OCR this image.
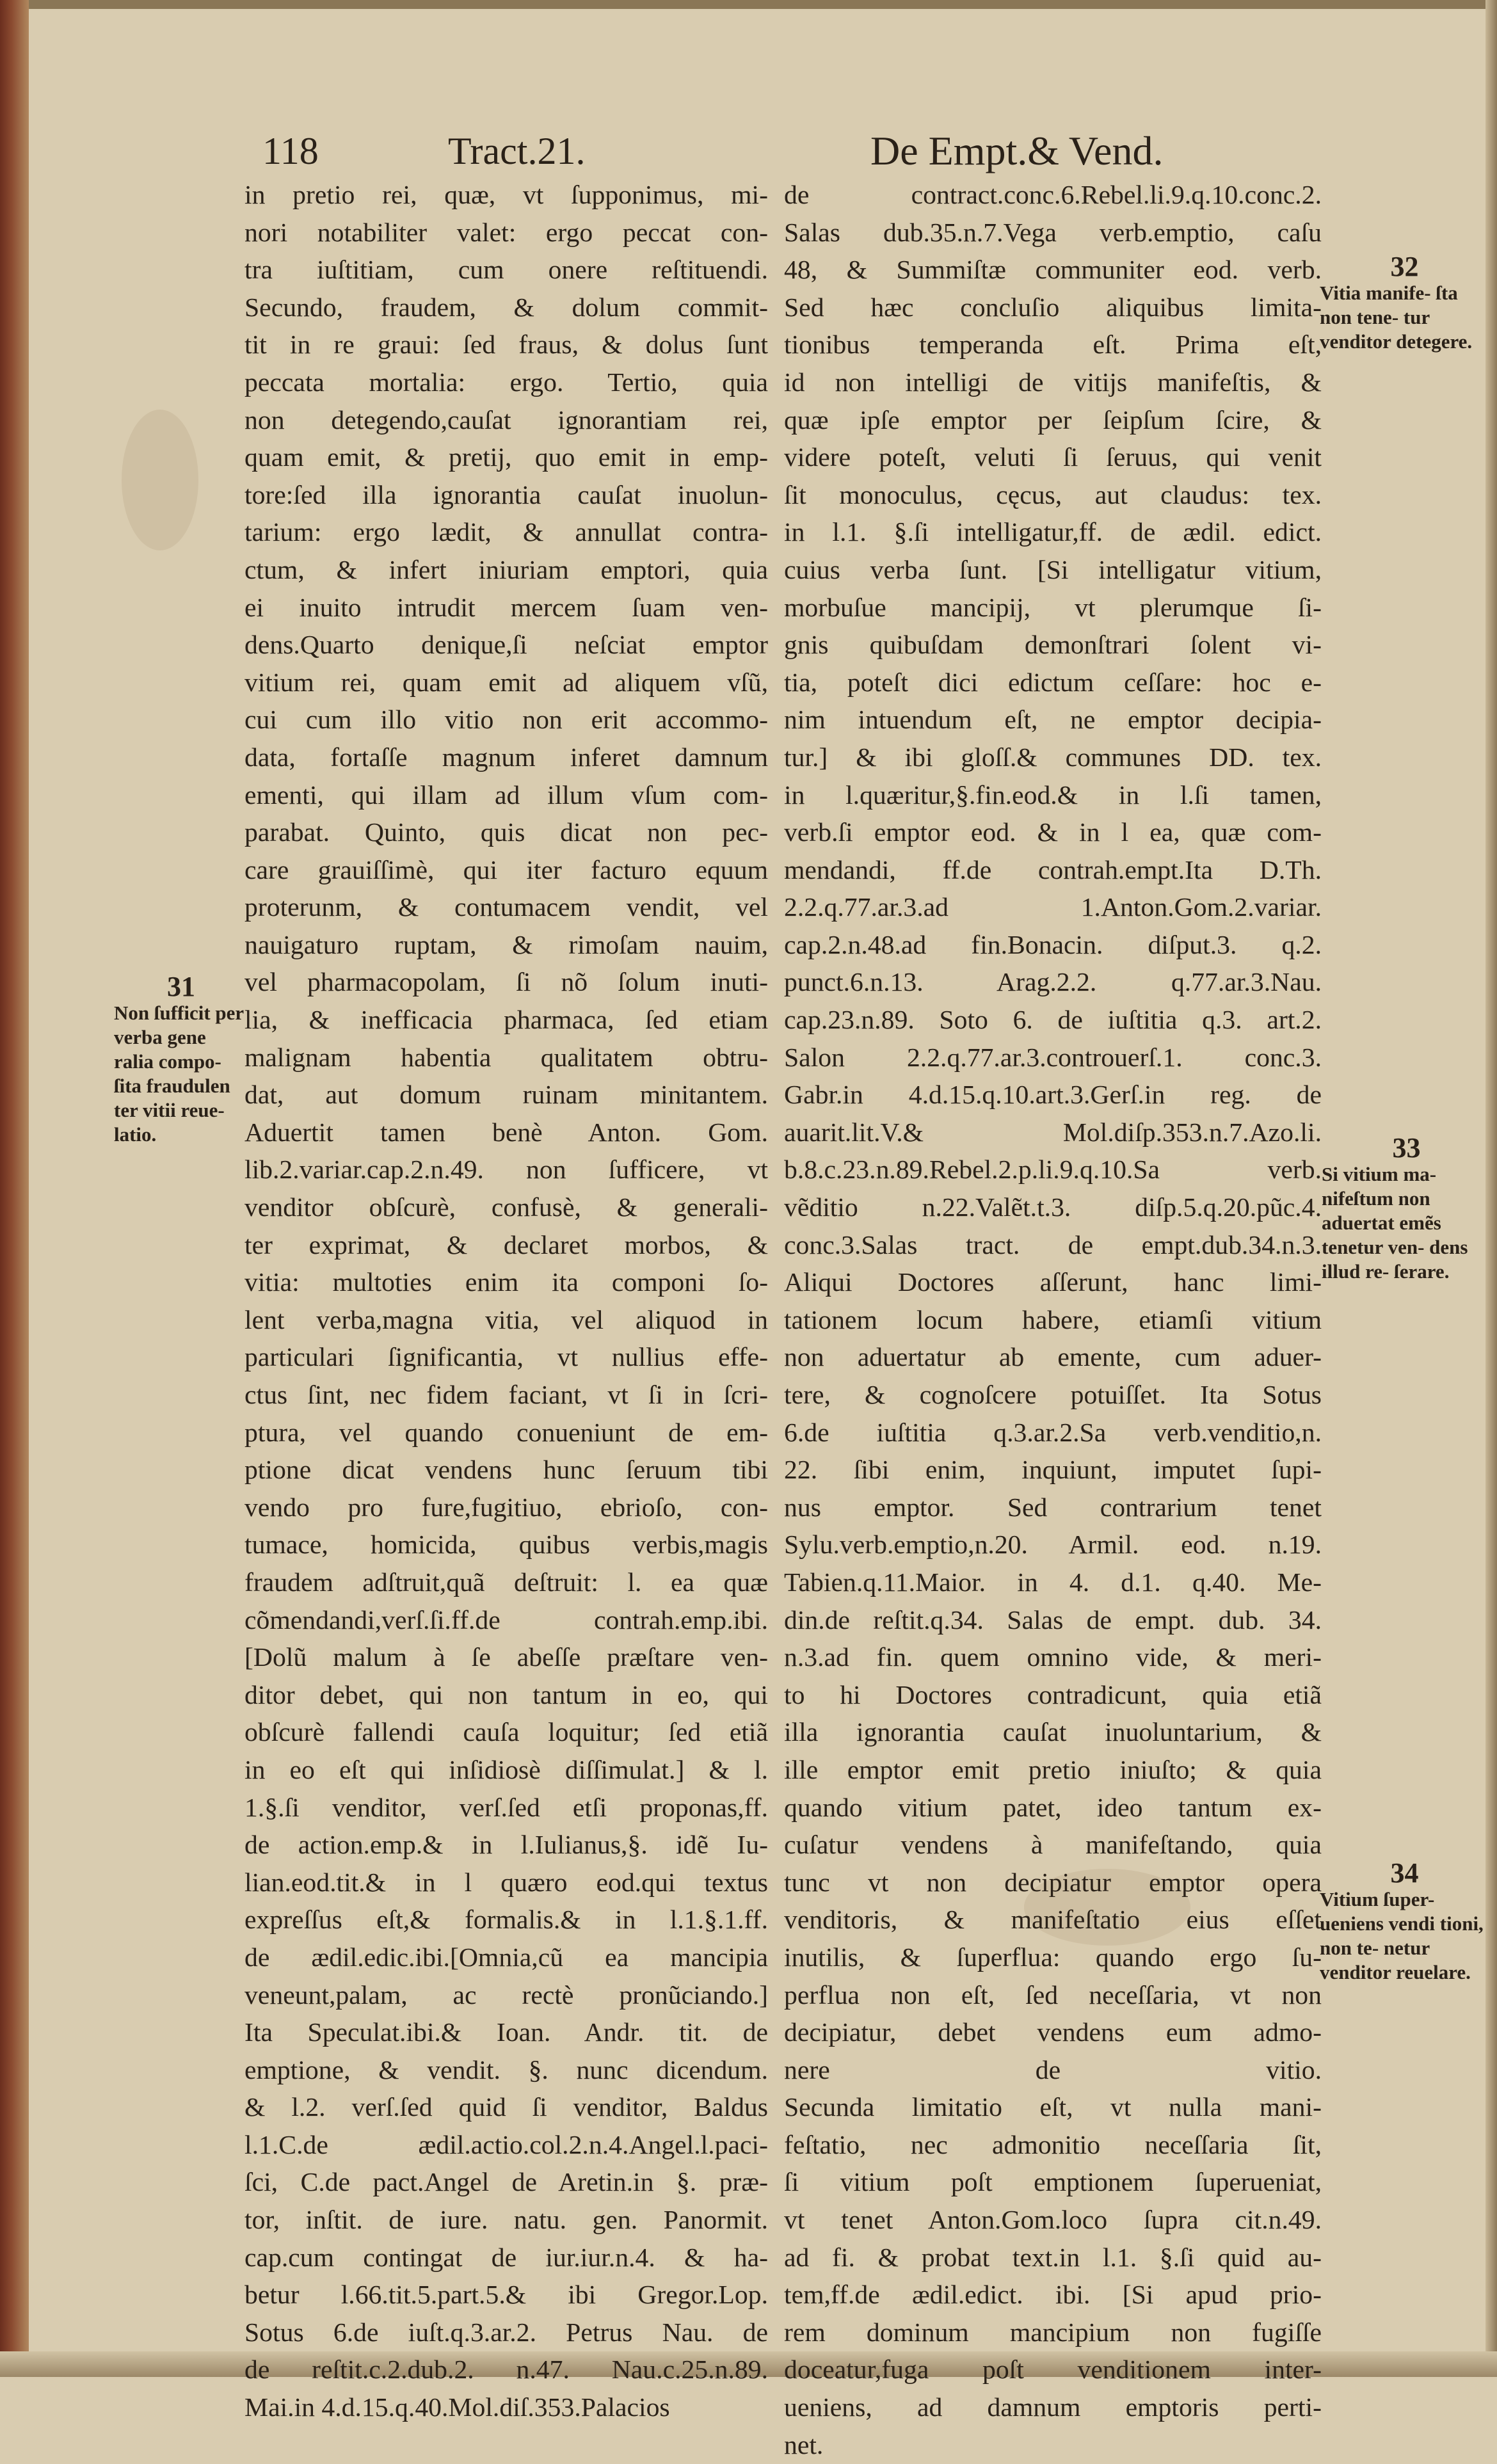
118	Tract.21.	De Empt.& Vend.
in pretio rei, quæ, vt ſupponimus, mi-
nori notabiliter valet: ergo peccat con-
tra iuſtitiam, cum onere reſtituendi.
Secundo, fraudem, & dolum commit-
tit in re graui: ſed fraus, & dolus ſunt
peccata mortalia: ergo. Tertio, quia
non detegendo,cauſat ignorantiam rei,
quam emit, & pretij, quo emit in emp-
tore:ſed illa ignorantia cauſat inuolun-
tarium: ergo lædit, & annullat contra-
ctum, & infert iniuriam emptori, quia
ei inuito intrudit mercem ſuam ven-
dens.Quarto denique,ſi neſciat emptor
vitium rei, quam emit ad aliquem vſũ,
cui cum illo vitio non erit accommo-
data, fortaſſe magnum inferet damnum
ementi, qui illam ad illum vſum com-
parabat. Quinto, quis dicat non pec-
care grauiſſimè, qui iter facturo equum
proterunm, & contumacem vendit, vel
nauigaturo ruptam, & rimoſam nauim,
vel pharmacopolam, ſi nõ ſolum inuti-
lia, & inefficacia pharmaca, ſed etiam
malignam habentia qualitatem obtru-
dat, aut domum ruinam minitantem.
Aduertit tamen benè Anton. Gom.
lib.2.variar.cap.2.n.49. non ſufficere, vt
venditor obſcurè, confusè, & generali-
ter exprimat, & declaret morbos, &
vitia: multoties enim ita componi ſo-
lent verba,magna vitia, vel aliquod in
particulari ſignificantia, vt nullius effe-
ctus ſint, nec fidem faciant, vt ſi in ſcri-
ptura, vel quando conueniunt de em-
ptione dicat vendens hunc ſeruum tibi
vendo pro fure,fugitiuo, ebrioſo, con-
tumace, homicida, quibus verbis,magis
fraudem adſtruit,quã deſtruit: l. ea quæ
cõmendandi,verſ.ſi.ff.de contrah.emp.ibi.
[Dolũ malum à ſe abeſſe præſtare ven-
ditor debet, qui non tantum in eo, qui
obſcurè fallendi cauſa loquitur; ſed etiã
in eo eſt qui inſidiosè diſſimulat.] & l.
1.§.ſi venditor, verſ.ſed etſi proponas,ff.
de action.emp.& in l.Iulianus,§. idẽ Iu-
lian.eod.tit.& in l quæro eod.qui textus
expreſſus eſt,& formalis.& in l.1.§.1.ff.
de ædil.edic.ibi.[Omnia,cũ ea mancipia
veneunt,palam, ac rectè pronũciando.]
Ita Speculat.ibi.& Ioan. Andr. tit. de
emptione, & vendit. §. nunc dicendum.
& l.2. verſ.ſed quid ſi venditor, Baldus
l.1.C.de ædil.actio.col.2.n.4.Angel.l.paci-
ſci, C.de pact.Angel de Aretin.in §. præ-
tor, inſtit. de iure. natu. gen. Panormit.
cap.cum contingat de iur.iur.n.4. & ha-
betur l.66.tit.5.part.5.& ibi Gregor.Lop.
Sotus 6.de iuſt.q.3.ar.2. Petrus Nau. de
de reſtit.c.2.dub.2. n.47. Nau.c.25.n.89.
Mai.in 4.d.15.q.40.Mol.diſ.353.Palacios
de contract.conc.6.Rebel.li.9.q.10.conc.2.
Salas dub.35.n.7.Vega verb.emptio, caſu
48, & Summiſtæ communiter eod. verb.
Sed hæc concluſio aliquibus limita-
tionibus temperanda eſt. Prima eſt,
id non intelligi de vitijs manifeſtis, &
quæ ipſe emptor per ſeipſum ſcire, &
videre poteſt, veluti ſi ſeruus, qui venit
ſit monoculus, cęcus, aut claudus: tex.
in l.1. §.ſi intelligatur,ff. de ædil. edict.
cuius verba ſunt. [Si intelligatur vitium,
morbuſue mancipij, vt plerumque ſi-
gnis quibuſdam demonſtrari ſolent vi-
tia, poteſt dici edictum ceſſare: hoc e-
nim intuendum eſt, ne emptor decipia-
tur.] & ibi gloſſ.& communes DD. tex.
in l.quæritur,§.fin.eod.& in l.ſi tamen,
verb.ſi emptor eod. & in l ea, quæ com-
mendandi, ff.de contrah.empt.Ita D.Th.
2.2.q.77.ar.3.ad 1.Anton.Gom.2.variar.
cap.2.n.48.ad fin.Bonacin. diſput.3. q.2.
punct.6.n.13. Arag.2.2. q.77.ar.3.Nau.
cap.23.n.89. Soto 6. de iuſtitia q.3. art.2.
Salon 2.2.q.77.ar.3.controuerſ.1. conc.3.
Gabr.in 4.d.15.q.10.art.3.Gerſ.in reg. de
auarit.lit.V.& Mol.diſp.353.n.7.Azo.li.
b.8.c.23.n.89.Rebel.2.p.li.9.q.10.Sa verb.
vẽditio n.22.Valẽt.t.3. diſp.5.q.20.pũc.4.
conc.3.Salas tract. de empt.dub.34.n.3.
Aliqui Doctores aſſerunt, hanc limi-
tationem locum habere, etiamſi vitium
non aduertatur ab emente, cum aduer-
tere, & cognoſcere potuiſſet. Ita Sotus
6.de iuſtitia q.3.ar.2.Sa verb.venditio,n.
22. ſibi enim, inquiunt, imputet ſupi-
nus emptor. Sed contrarium tenet
Sylu.verb.emptio,n.20. Armil. eod. n.19.
Tabien.q.11.Maior. in 4. d.1. q.40. Me-
din.de reſtit.q.34. Salas de empt. dub. 34.
n.3.ad fin. quem omnino vide, & meri-
to hi Doctores contradicunt, quia etiã
illa ignorantia cauſat inuoluntarium, &
ille emptor emit pretio iniuſto; & quia
quando vitium patet, ideo tantum ex-
cuſatur vendens à manifeſtando, quia
tunc vt non decipiatur emptor opera
venditoris, & manifeſtatio eius eſſet
inutilis, & ſuperflua: quando ergo ſu-
perflua non eſt, ſed neceſſaria, vt non
decipiatur, debet vendens eum admo-
nere de vitio.
Secunda limitatio eſt, vt nulla mani-
feſtatio, nec admonitio neceſſaria ſit,
ſi vitium poſt emptionem ſuperueniat,
vt tenet Anton.Gom.loco ſupra cit.n.49.
ad fi. & probat text.in l.1. §.ſi quid au-
tem,ff.de ædil.edict. ibi. [Si apud prio-
rem dominum mancipium non fugiſſe
doceatur,fuga poſt venditionem inter-
ueniens, ad damnum emptoris perti-
net.
31
Non ſufficit per verba gene ralia compo- ſita fraudulen ter vitii reue- latio.
32
Vitia manife- ſta non tene- tur venditor detegere.
33
Si vitium ma- nifeſtum non aduertat emẽs tenetur ven- dens illud re- ſerare.
34
Vitium ſuper- ueniens vendi tioni, non te- netur venditor reuelare.
